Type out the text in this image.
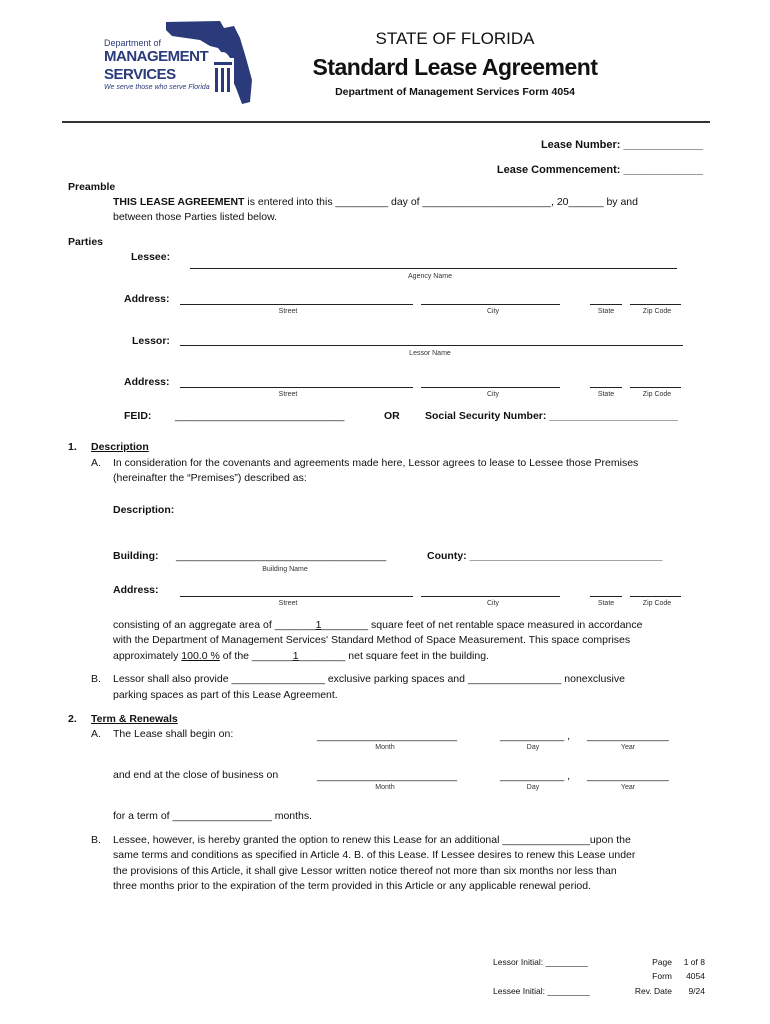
Department of
MANAGEMENT
SERVICES
We serve those who serve Florida
STATE OF FLORIDA
Standard Lease Agreement
Department of Management Services Form 4054
Lease Number: _____________
Lease Commencement: _____________
Preamble
THIS LEASE AGREEMENT is entered into this _________ day of ______________________, 20______ by and
between those Parties listed below.
Parties
Lessee:
Agency Name
Address:
Street	City	State	Zip Code
Lessor:
Lessor Name
Address:
Street	City	State	Zip Code
FEID: _____________________________	OR Social Security Number: ______________________
1. Description
A. In consideration for the covenants and agreements made here, Lessor agrees to lease to Lessee those Premises
(hereinafter the “Premises”) described as:
Description:
Building: ____________________________________
Building Name
County: _________________________________
Address:
Street	City	State	Zip Code
consisting of an aggregate area of _______1________ square feet of net rentable space measured in accordance
with the Department of Management Services' Standard Method of Space Measurement. This space comprises
approximately 100.0 % of the _______1________ net square feet in the building.
B. Lessor shall also provide ________________ exclusive parking spaces and ________________ nonexclusive
parking spaces as part of this Lease Agreement.
2. Term & Renewals
A. The Lease shall begin on:	________________________	___________ , ______________
Month	Day	Year
and end at the close of business on	________________________	___________ , ______________
Month	Day	Year
for a term of _________________ months.
B. Lessee, however, is hereby granted the option to renew this Lease for an additional _______________upon the
same terms and conditions as specified in Article 4. B. of this Lease. If Lessee desires to renew this Lease under
the provisions of this Article, it shall give Lessor written notice thereof not more than six months nor less than
three months prior to the expiration of the term provided in this Article or any applicable renewal period.
Lessor Initial: _________
Lessee Initial: _________
Page 1 of 8
Form 4054
Rev. Date 9/24
